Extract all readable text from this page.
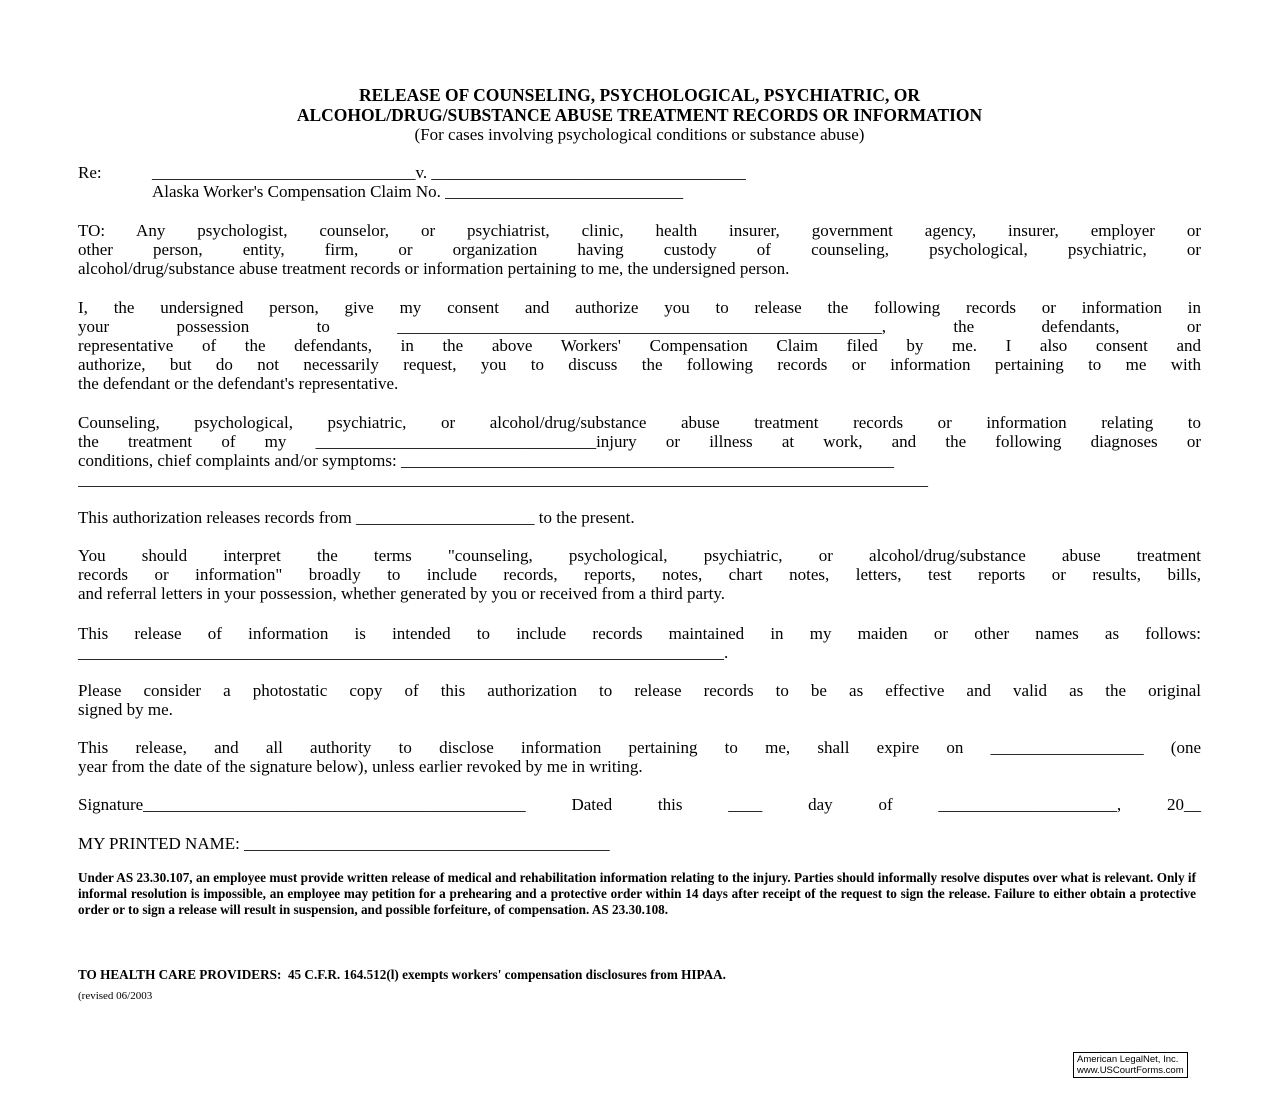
RELEASE OF COUNSELING, PSYCHOLOGICAL, PSYCHIATRIC, OR
ALCOHOL/DRUG/SUBSTANCE ABUSE TREATMENT RECORDS OR INFORMATION
(For cases involving psychological conditions or substance abuse)
Re:	_______________________________v. _____________________________________
Alaska Worker's Compensation Claim No. ____________________________
TO: Any psychologist, counselor, or psychiatrist, clinic, health insurer, government agency, insurer, employer or
other person, entity, firm, or organization having custody of counseling, psychological, psychiatric, or
alcohol/drug/substance abuse treatment records or information pertaining to me, the undersigned person.
I, the undersigned person, give my consent and authorize you to release the following records or information in
your possession to _________________________________________________________, the defendants, or
representative of the defendants, in the above Workers' Compensation Claim filed by me. I also consent and
authorize, but do not necessarily request, you to discuss the following records or information pertaining to me with
the defendant or the defendant's representative.
Counseling, psychological, psychiatric, or alcohol/drug/substance abuse treatment records or information relating to
the treatment of my _________________________________injury or illness at work, and the following diagnoses or
conditions, chief complaints and/or symptoms: __________________________________________________________
____________________________________________________________________________________________________
This authorization releases records from _____________________ to the present.
You should interpret the terms "counseling, psychological, psychiatric, or alcohol/drug/substance abuse treatment
records or information" broadly to include records, reports, notes, chart notes, letters, test reports or results, bills,
and referral letters in your possession, whether generated by you or received from a third party.
This release of information is intended to include records maintained in my maiden or other names as follows:
____________________________________________________________________________.
Please consider a photostatic copy of this authorization to release records to be as effective and valid as the original
signed by me.
This release, and all authority to disclose information pertaining to me, shall expire on __________________ (one
year from the date of the signature below), unless earlier revoked by me in writing.
Signature_____________________________________________ Dated this ____ day of _____________________, 20__
MY PRINTED NAME: ___________________________________________
Under AS 23.30.107, an employee must provide written release of medical and rehabilitation information relating to the injury. Parties should informally resolve disputes over what is relevant. Only if informal resolution is impossible, an employee may petition for a prehearing and a protective order within 14 days after receipt of the request to sign the release. Failure to either obtain a protective order or to sign a release will result in suspension, and possible forfeiture, of compensation. AS 23.30.108.
TO HEALTH CARE PROVIDERS:  45 C.F.R. 164.512(l) exempts workers' compensation disclosures from HIPAA.
(revised 06/2003
American LegalNet, Inc.
www.USCourtForms.com
